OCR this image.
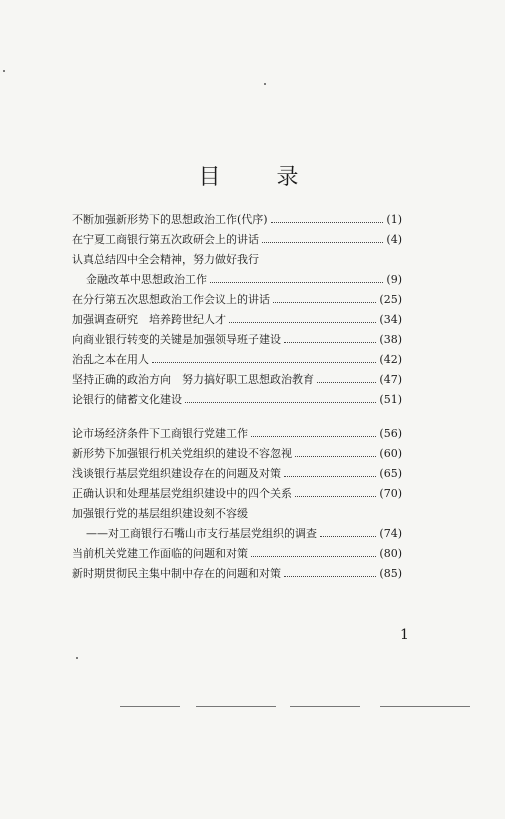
目录
不断加强新形势下的思想政治工作(代序)	(1)
在宁夏工商银行第五次政研会上的讲话	(4)
认真总结四中全会精神，努力做好我行
金融改革中思想政治工作	(9)
在分行第五次思想政治工作会议上的讲话	(25)
加强调查研究　培养跨世纪人才	(34)
向商业银行转变的关键是加强领导班子建设	(38)
治乱之本在用人	(42)
坚持正确的政治方向　努力搞好职工思想政治教育	(47)
论银行的储蓄文化建设	(51)
论市场经济条件下工商银行党建工作	(56)
新形势下加强银行机关党组织的建设不容忽视	(60)
浅谈银行基层党组织建设存在的问题及对策	(65)
正确认识和处理基层党组织建设中的四个关系	(70)
加强银行党的基层组织建设刻不容缓
——对工商银行石嘴山市支行基层党组织的调查	(74)
当前机关党建工作面临的问题和对策	(80)
新时期贯彻民主集中制中存在的问题和对策	(85)
1
